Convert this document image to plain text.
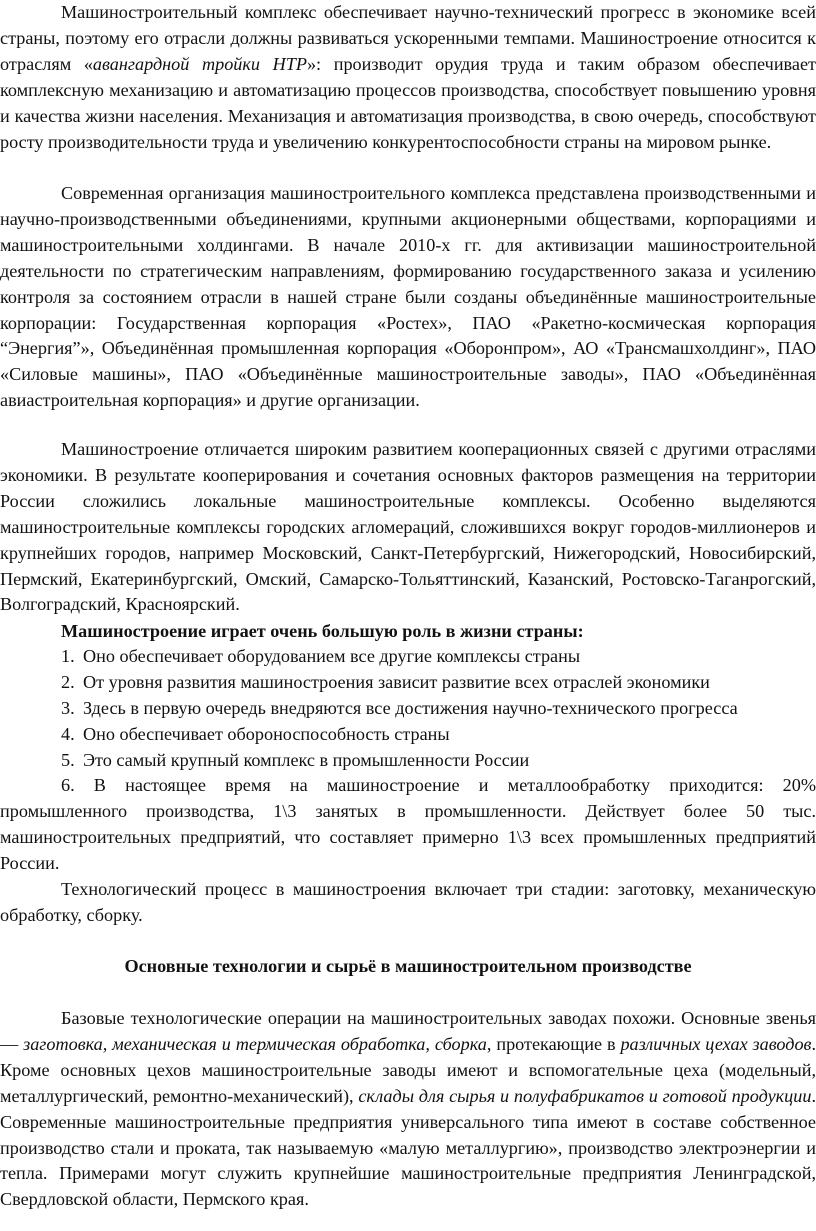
Машиностроительный комплекс обеспечивает научно-технический прогресс в экономике всей страны, поэтому его отрасли должны развиваться ускоренными темпами. Машиностроение относится к отраслям «авангардной тройки НТР»: производит орудия труда и таким образом обеспечивает комплексную механизацию и автоматизацию процессов производства, способствует повышению уровня и качества жизни населения. Механизация и автоматизация производства, в свою очередь, способствуют росту производительности труда и увеличению конкурентоспособности страны на мировом рынке.

Современная организация машиностроительного комплекса представлена производственными и научно-производственными объединениями, крупными акционерными обществами, корпорациями и машиностроительными холдингами. В начале 2010-х гг. для активизации машиностроительной деятельности по стратегическим направлениям, формированию государственного заказа и усилению контроля за состоянием отрасли в нашей стране были созданы объединённые машиностроительные корпорации: Государственная корпорация «Ростех», ПАО «Ракетно-космическая корпорация “Энергия”», Объединённая промышленная корпорация «Оборонпром», АО «Трансмашхолдинг», ПАО «Силовые машины», ПАО «Объединённые машиностроительные заводы», ПАО «Объединённая авиастроительная корпорация» и другие организации.

Машиностроение отличается широким развитием кооперационных связей с другими отраслями экономики. В результате кооперирования и сочетания основных факторов размещения на территории России сложились локальные машиностроительные комплексы. Особенно выделяются машиностроительные комплексы городских агломераций, сложившихся вокруг городов-миллионеров и крупнейших городов, например Московский, Санкт-Петербургский, Нижегородский, Новосибирский, Пермский, Екатеринбургский, Омский, Самарско-Тольяттинский, Казанский, Ростовско-Таганрогский, Волгоградский, Красноярский.

Машиностроение играет очень большую роль в жизни страны:

1. Оно обеспечивает оборудованием все другие комплексы страны

2. От уровня развития машиностроения зависит развитие всех отраслей экономики

3. Здесь в первую очередь внедряются все достижения научно-технического прогресса

4. Оно обеспечивает обороноспособность страны

5. Это самый крупный комплекс в промышленности России

6. В настоящее время на машиностроение и металлообработку приходится: 20% промышленного производства, 1\3 занятых в промышленности. Действует более 50 тыс. машиностроительных предприятий, что составляет примерно 1\3 всех промышленных предприятий России.

Технологический процесс в машиностроения включает три стадии: заготовку, механическую обработку, сборку.

Основные технологии и сырьё в машиностроительном производстве

Базовые технологические операции на машиностроительных заводах похожи. Основные звенья — заготовка, механическая и термическая обработка, сборка, протекающие в различных цехах заводов. Кроме основных цехов машиностроительные заводы имеют и вспомогательные цеха (модельный, металлургический, ремонтно-механический), склады для сырья и полуфабрикатов и готовой продукции. Современные машиностроительные предприятия универсального типа имеют в составе собственное производство стали и проката, так называемую «малую металлургию», производство электроэнергии и тепла. Примерами могут служить крупнейшие машиностроительные предприятия Ленинградской, Свердловской области, Пермского края.
